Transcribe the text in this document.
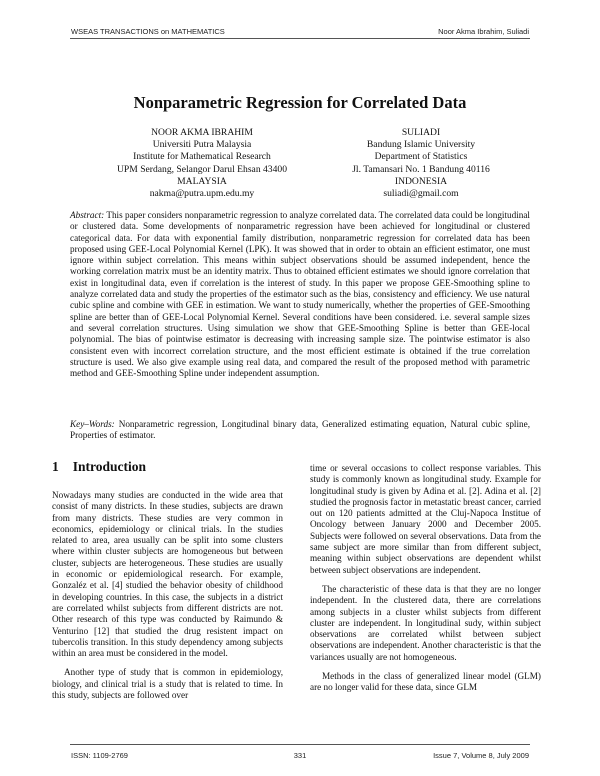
WSEAS TRANSACTIONS on MATHEMATICS	Noor Akma Ibrahim, Suliadi
Nonparametric Regression for Correlated Data
NOOR AKMA IBRAHIM
Universiti Putra Malaysia
Institute for Mathematical Research
UPM Serdang, Selangor Darul Ehsan 43400
MALAYSIA
nakma@putra.upm.edu.my
SULIADI
Bandung Islamic University
Department of Statistics
Jl. Tamansari No. 1 Bandung 40116
INDONESIA
suliadi@gmail.com
Abstract: This paper considers nonparametric regression to analyze correlated data. The correlated data could be longitudinal or clustered data. Some developments of nonparametric regression have been achieved for longitudinal or clustered categorical data. For data with exponential family distribution, nonparametric regression for correlated data has been proposed using GEE-Local Polynomial Kernel (LPK). It was showed that in order to obtain an efficient estimator, one must ignore within subject correlation. This means within subject observations should be assumed independent, hence the working correlation matrix must be an identity matrix. Thus to obtained efficient estimates we should ignore correlation that exist in longitudinal data, even if correlation is the interest of study. In this paper we propose GEE-Smoothing spline to analyze correlated data and study the properties of the estimator such as the bias, consistency and efficiency. We use natural cubic spline and combine with GEE in estimation. We want to study numerically, whether the properties of GEE-Smoothing spline are better than of GEE-Local Polynomial Kernel. Several conditions have been considered. i.e. several sample sizes and several correlation structures. Using simulation we show that GEE-Smoothing Spline is better than GEE-local polynomial. The bias of pointwise estimator is decreasing with increasing sample size. The pointwise estimator is also consistent even with incorrect correlation structure, and the most efficient estimate is obtained if the true correlation structure is used. We also give example using real data, and compared the result of the proposed method with parametric method and GEE-Smoothing Spline under independent assumption.
Key–Words: Nonparametric regression, Longitudinal binary data, Generalized estimating equation, Natural cubic spline, Properties of estimator.
1 Introduction

Nowadays many studies are conducted in the wide area that consist of many districts. In these studies, subjects are drawn from many districts. These studies are very common in economics, epidemiology or clinical trials. In the studies related to area, area usually can be split into some clusters where within cluster subjects are homogeneous but between cluster, subjects are heterogeneous. These studies are usually in economic or epidemiological research. For example, Gonzaléz et al. [4] studied the behavior obesity of childhood in developing countries. In this case, the subjects in a district are correlated whilst subjects from different districts are not. Other research of this type was conducted by Raimundo & Venturino [12] that studied the drug resistent impact on tubercolis transition. In this study dependency among subjects within an area must be considered in the model.

Another type of study that is common in epidemiology, biology, and clinical trial is a study that is related to time. In this study, subjects are followed over

time or several occasions to collect response variables. This study is commonly known as longitudinal study. Example for longitudinal study is given by Adina et al. [2]. Adina et al. [2] studied the prognosis factor in metastatic breast cancer, carried out on 120 patients admitted at the Cluj-Napoca Institue of Oncology between January 2000 and December 2005. Subjects were followed on several observations. Data from the same subject are more similar than from different subject, meaning within subject observations are dependent whilst between subject observations are independent.

The characteristic of these data is that they are no longer independent. In the clustered data, there are correlations among subjects in a cluster whilst subjects from different cluster are independent. In longitudinal sudy, within subject observations are correlated whilst between subject observations are independent. Another characteristic is that the variances usually are not homogeneous.

Methods in the class of generalized linear model (GLM) are no longer valid for these data, since GLM

ISSN: 1109-2769	331	Issue 7, Volume 8, July 2009
